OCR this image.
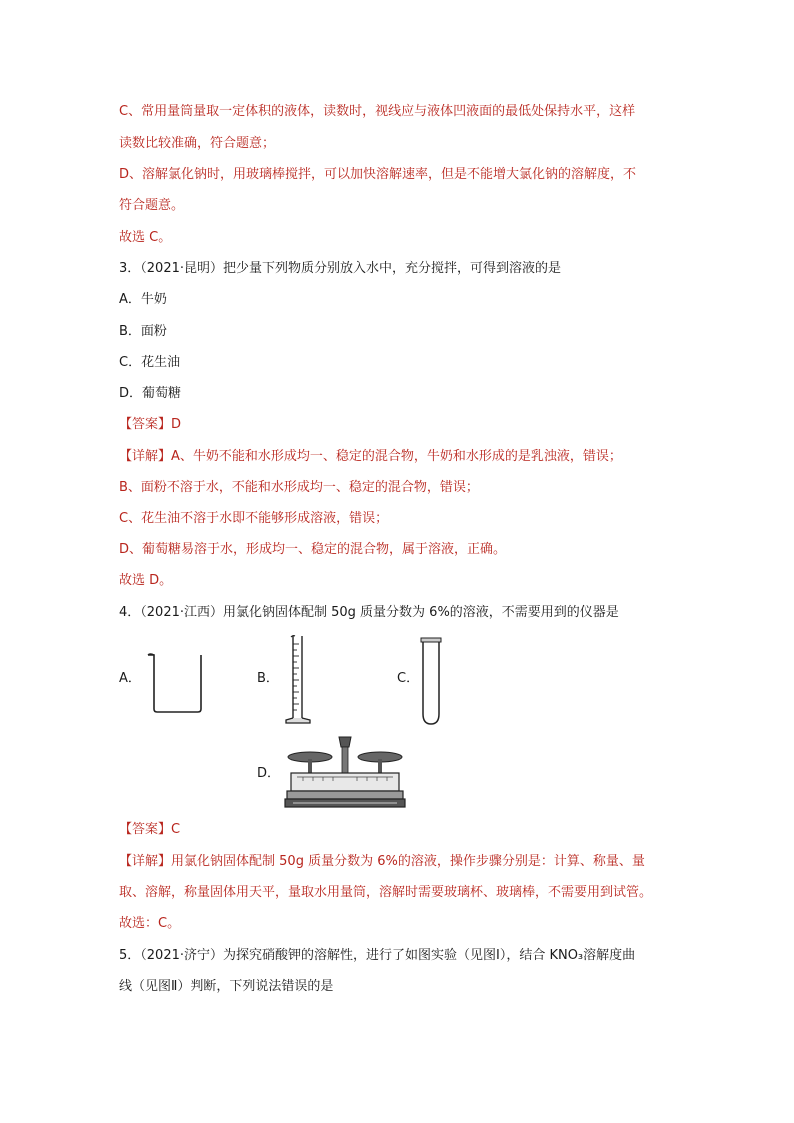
C、常用量筒量取一定体积的液体，读数时，视线应与液体凹液面的最低处保持水平，这样
读数比较准确，符合题意；
D、溶解氯化钠时，用玻璃棒搅拌，可以加快溶解速率，但是不能增大氯化钠的溶解度，不
符合题意。
故选 C。
3．（2021·昆明）把少量下列物质分别放入水中，充分搅拌，可得到溶液的是
A．牛奶
B．面粉
C．花生油
D．葡萄糖
【答案】D
【详解】A、牛奶不能和水形成均一、稳定的混合物，牛奶和水形成的是乳浊液，错误；
B、面粉不溶于水，不能和水形成均一、稳定的混合物，错误；
C、花生油不溶于水即不能够形成溶液，错误；
D、葡萄糖易溶于水，形成均一、稳定的混合物，属于溶液，正确。
故选 D。
4．（2021·江西）用氯化钠固体配制 50g 质量分数为 6%的溶液，不需要用到的仪器是
A．	B．	C．
D．
【答案】C
【详解】用氯化钠固体配制 50g 质量分数为 6%的溶液，操作步骤分别是：计算、称量、量
取、溶解，称量固体用天平，量取水用量筒，溶解时需要玻璃杯、玻璃棒，不需要用到试管。
故选：C。
5．（2021·济宁）为探究硝酸钾的溶解性，进行了如图实验（见图Ⅰ），结合 KNO₃溶解度曲
线（见图Ⅱ）判断，下列说法错误的是
